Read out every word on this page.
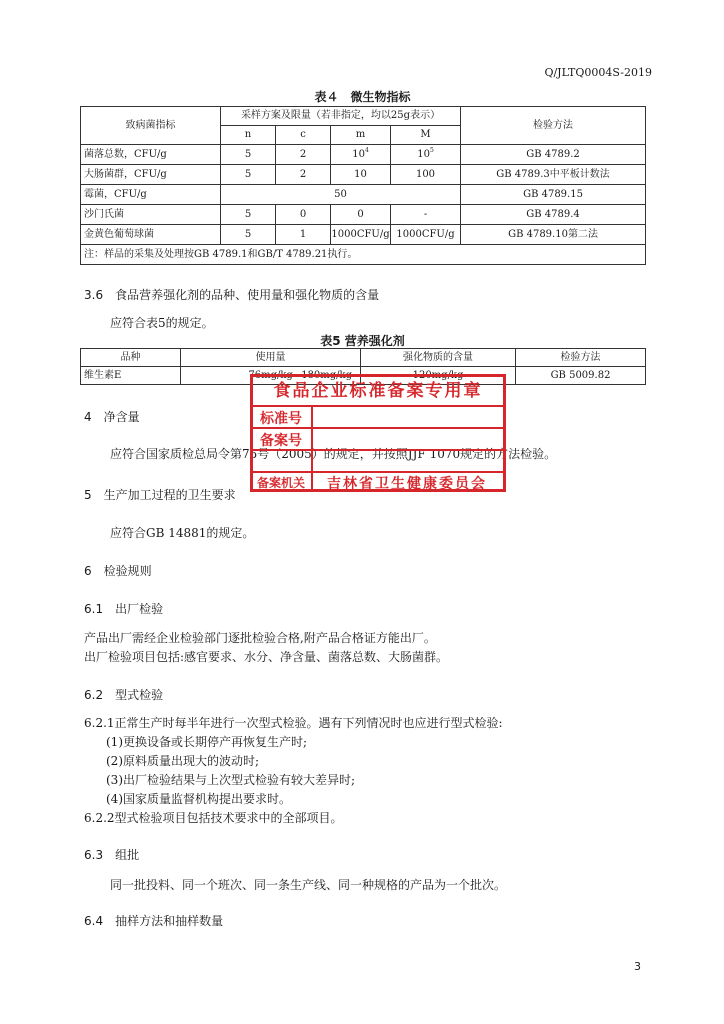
Q/JLTQ0004S-2019
表４　微生物指标
致病菌指标	采样方案及限量（若非指定，均以25g表示）				检验方法
	n	c	m	M	
菌落总数，CFU/g	5	2	$10^4$	$10^5$	GB 4789.2
大肠菌群，CFU/g	5	2	10	100	GB 4789.3中平板计数法
霉菌，CFU/g	50				GB 4789.15
沙门氏菌	5	0	0	-	GB 4789.4
金黄色葡萄球菌	5	1	1000CFU/g	1000CFU/g	GB 4789.10第二法
注：样品的采集及处理按GB 4789.1和GB/T 4789.21执行。					
3.6　食品营养强化剂的品种、使用量和强化物质的含量
应符合表5的规定。
表5 营养强化剂
品种	使用量	强化物质的含量	检验方法
维生素E	76mg/kg~180mg/kg	120mg/kg	GB 5009.82
4　净含量
应符合国家质检总局令第75号（2005）的规定，并按照JJF 1070规定的方法检验。
5　生产加工过程的卫生要求
应符合GB 14881的规定。
6　检验规则
6.1　出厂检验
产品出厂需经企业检验部门逐批检验合格,附产品合格证方能出厂。
出厂检验项目包括:感官要求、水分、净含量、菌落总数、大肠菌群。
6.2　型式检验
6.2.1正常生产时每半年进行一次型式检验。遇有下列情况时也应进行型式检验:
(1)更换设备或长期停产再恢复生产时;
(2)原料质量出现大的波动时;
(3)出厂检验结果与上次型式检验有较大差异时;
(4)国家质量监督机构提出要求时。
6.2.2型式检验项目包括技术要求中的全部项目。
6.3　组批
同一批投料、同一个班次、同一条生产线、同一种规格的产品为一个批次。
6.4　抽样方法和抽样数量
3
食品企业标准备案专用章
标准号
备案号
备案机关	吉林省卫生健康委员会
